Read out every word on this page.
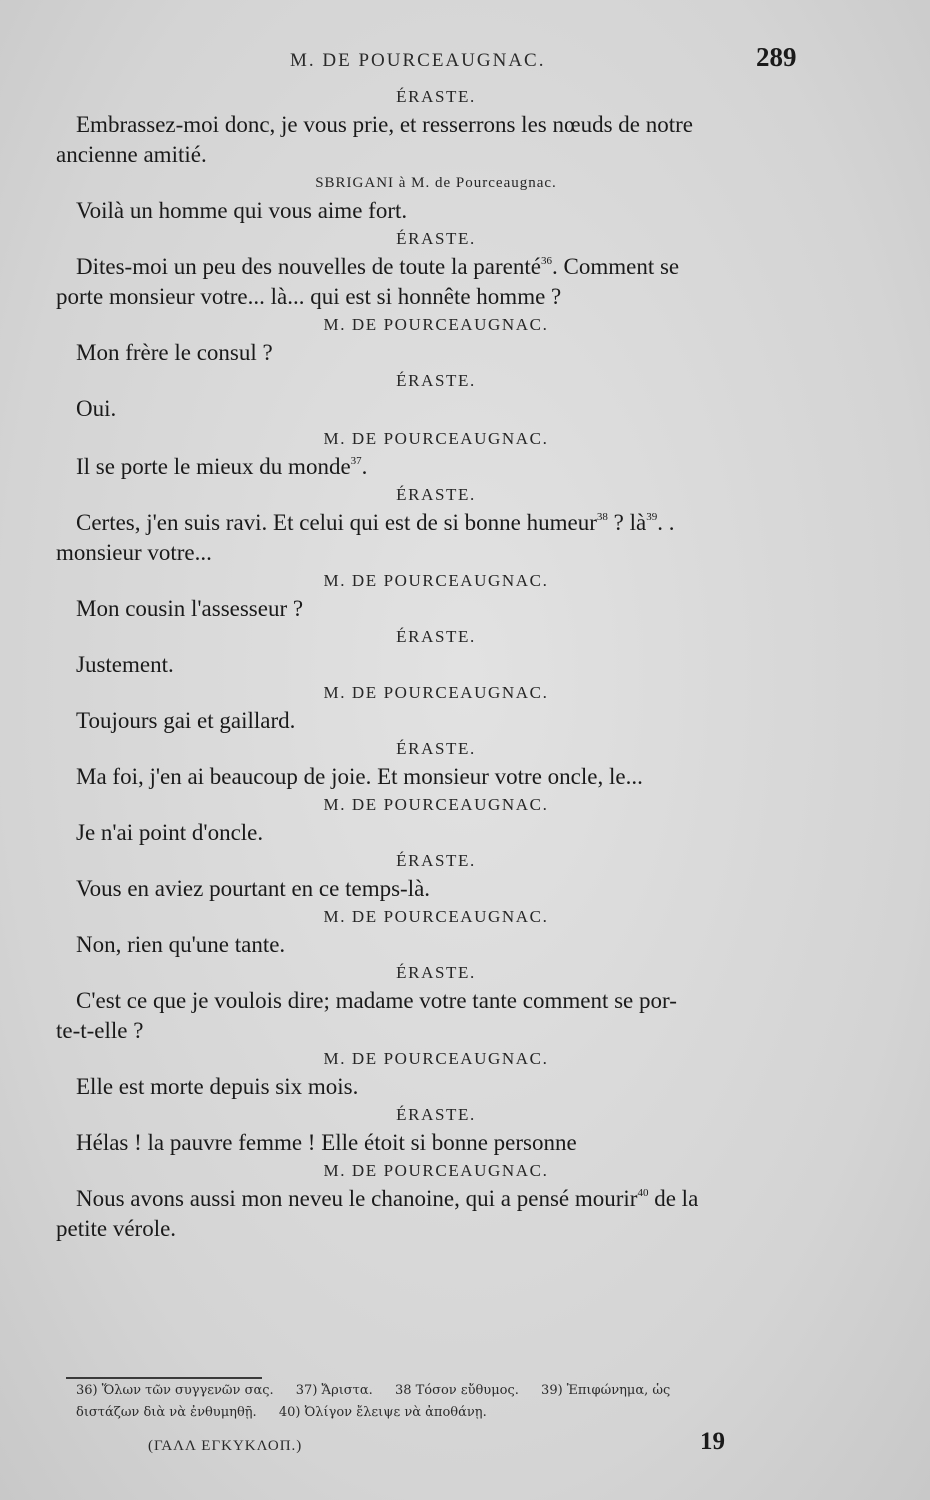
M. DE POURCEAUGNAC.	289
ÉRASTE.
Embrassez-moi donc, je vous prie, et resserrons les nœuds de notre
ancienne amitié.
SBRIGANI à M. de Pourceaugnac.
Voilà un homme qui vous aime fort.
ÉRASTE.
Dites-moi un peu des nouvelles de toute la parenté$^{36}$. Comment se
porte monsieur votre... là... qui est si honnête homme ?
M. DE POURCEAUGNAC.
Mon frère le consul ?
ÉRASTE.
Oui.
M. DE POURCEAUGNAC.
Il se porte le mieux du monde$^{37}$.
ÉRASTE.
Certes, j'en suis ravi. Et celui qui est de si bonne humeur$^{38}$ ? $là^{39}$. .
monsieur votre...
M. DE POURCEAUGNAC.
Mon cousin l'assesseur ?
ÉRASTE.
Justement.
M. DE POURCEAUGNAC.
Toujours gai et gaillard.
ÉRASTE.
Ma foi, j'en ai beaucoup de joie. Et monsieur votre oncle, le...
M. DE POURCEAUGNAC.
Je n'ai point d'oncle.
ÉRASTE.
Vous en aviez pourtant en ce temps-là.
M. DE POURCEAUGNAC.
Non, rien qu'une tante.
ÉRASTE.
C'est ce que je voulois dire; madame votre tante comment se por-
te-t-elle ?
M. DE POURCEAUGNAC.
Elle est morte depuis six mois.
ÉRASTE.
Hélas ! la pauvre femme ! Elle étoit si bonne personne
M. DE POURCEAUGNAC.
Nous avons aussi mon neveu le chanoine, qui a pensé mourir$^{40}$ de la
petite vérole.
36) Ὅλων τῶν συγγενῶν σας. 37) Ἄριστα. 38 Τόσον εὔθυμος. 39) Ἐπιφώνημα, ὡς
διστάζων διὰ νὰ ἐνθυμηθῇ. 40) Ὀλίγον ἔλειψε νὰ ἀποθάνῃ.
(ΓΑΛΛ ΕΓΚΥΚΛΟΠ.)	19
